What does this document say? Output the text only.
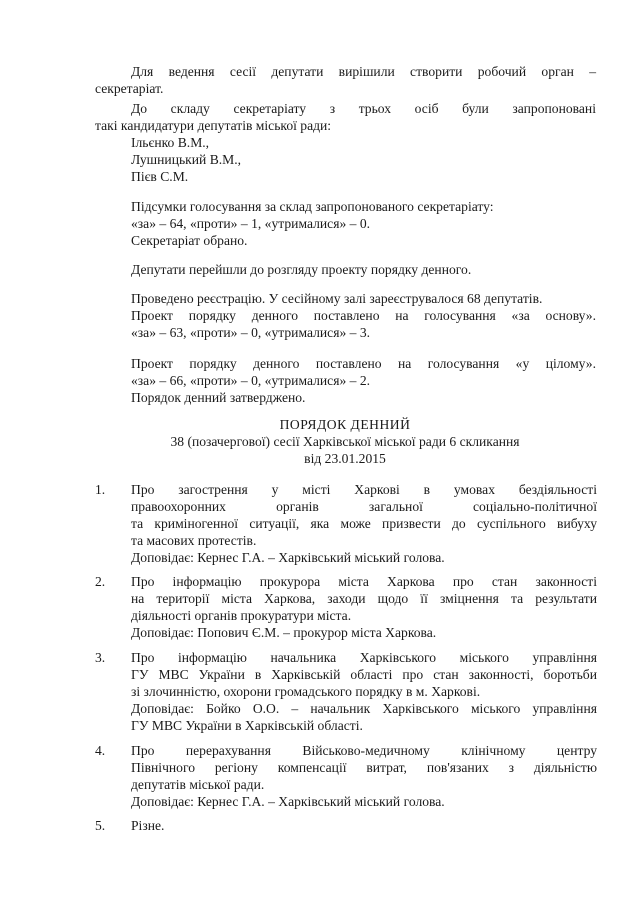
Для ведення сесії депутати вирішили створити робочий орган –
секретаріат.
До складу секретаріату з трьох осіб були запропоновані
такі кандидатури депутатів міської ради:
Ільєнко В.М.,
Лушницький В.М.,
Пієв С.М.
Підсумки голосування за склад запропонованого секретаріату:
«за» – 64, «проти» – 1, «утрималися» – 0.
Секретаріат обрано.
Депутати перейшли до розгляду проекту порядку денного.
Проведено реєстрацію. У сесійному залі зареєструвалося 68 депутатів.
Проект порядку денного поставлено на голосування «за основу».
«за» – 63, «проти» – 0, «утрималися» – 3.
Проект порядку денного поставлено на голосування «у цілому».
«за» – 66, «проти» – 0, «утрималися» – 2.
Порядок денний затверджено.
ПОРЯДОК ДЕННИЙ
38 (позачергової) сесії Харківської міської ради 6 скликання
від 23.01.2015
1. Про загострення у місті Харкові в умовах бездіяльності
правоохоронних органів загальної соціально-політичної
та криміногенної ситуації, яка може призвести до суспільного вибуху
та масових протестів.
Доповідає: Кернес Г.А. – Харківський міський голова.
2. Про інформацію прокурора міста Харкова про стан законності
на території міста Харкова, заходи щодо її зміцнення та результати
діяльності органів прокуратури міста.
Доповідає: Попович Є.М. – прокурор міста Харкова.
3. Про інформацію начальника Харківського міського управління
ГУ МВС України в Харківській області про стан законності, боротьби
зі злочинністю, охорони громадського порядку в м. Харкові.
Доповідає: Бойко О.О. – начальник Харківського міського управління
ГУ МВС України в Харківській області.
4. Про перерахування Військово-медичному клінічному центру
Північного регіону компенсації витрат, пов'язаних з діяльністю
депутатів міської ради.
Доповідає: Кернес Г.А. – Харківський міський голова.
5. Різне.
